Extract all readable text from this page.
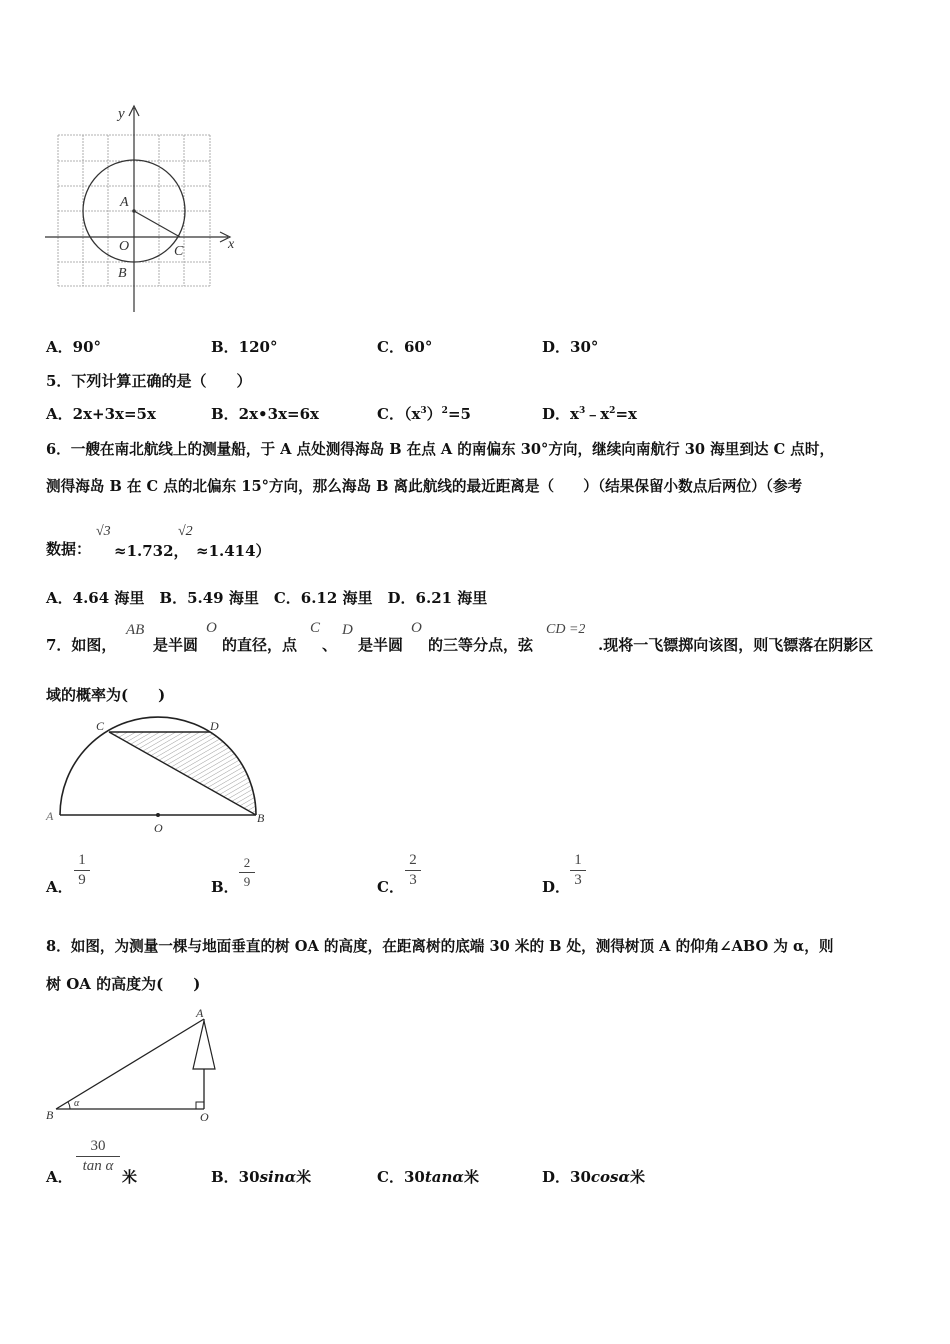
y
x
A
O
B
C
A．90°	B．120°	C．60°	D．30°
5．下列计算正确的是（　　）
A．2x+3x=5x	B．2x•3x=6x	C．$(x^3)^2=5$	D．$x^3﹣x^2=x$
6．一艘在南北航线上的测量船，于 A 点处测得海岛 B 在点 A 的南偏东 30°方向，继续向南航行 30 海里到达 C 点时，
测得海岛 B 在 C 点的北偏东 15°方向，那么海岛 B 离此航线的最近距离是（　　）（结果保留小数点后两位）（参考
数据：
√3
≈1.732，
√2
≈1.414）
A．4.64 海里　B．5.49 海里　C．6.12 海里　D．6.21 海里
7．如图，
AB
是半圆
O
的直径，点
C
、
D
是半圆
O
的三等分点，弦
CD =2
.现将一飞镖掷向该图，则飞镖落在阴影区
域的概率为(　　)
C	D
A
O
B
A．
1
9	B．
2
9	C．
2
3	D．
1
3
8．如图，为测量一棵与地面垂直的树 OA 的高度，在距离树的底端 30 米的 B 处，测得树顶 A 的仰角∠ABO 为 α，则
树 OA 的高度为(　　)
A
B	O
α
A．
30
tan α
米	B．30sinα米	C．30tanα米	D．30cosα米
